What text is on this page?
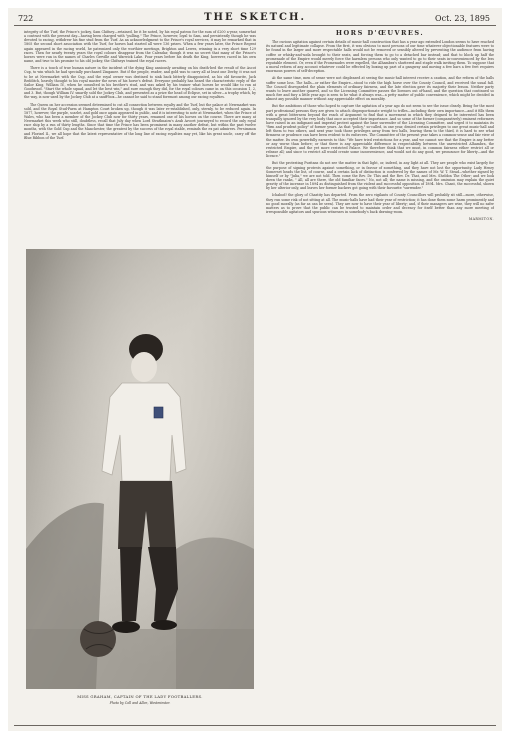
722	THE SKETCH.	Oct. 23, 1895

integrity of the Turf, the Prince's jockey, Sam Chifney—retained, be it be noted, by his royal patron for the sum of £200 a-year, somewhat a contrast with the present day—having been charged with "pulling." The Prince, however, loyal to Sam, and persistently though he was devoted to racing, withdrew his fine stud from the Turf. As an acknowledgment to the Prince's royal services, it may be remarked that in 1805 the second short association with the Turf, for horses had started all were 136 prizes. When a few years later, the Prince Regent again appeared in the racing world, he patronized only the worthier meetings, Brighton and Lewes, winning in a very short time 129 races. Then for nearly twenty years the royal colours disappear from the Calendar, though it was no secret that many of the Prince's horses were run in the names of Charles Greville and Warwick Lake. Four years before his death the King, however, raced in his own name, and true to his promise to his old jockey, the Chifneys trained the royal racers.

There is a touch of true human nature in the incident of the dying King anxiously awaiting on his death-bed the result of the Ascot Cup, to win which he had specially purchased Zinganee. But if the people, reader, and gold was to carry all at least one Derby, it was not to be at Newmarket with the Cup, and the royal owner was destined to sink back bitterly disappointed, as his old favourite, Jack Redditch, heavily thought to his royal master the news of his horse's defeat. Everyone probably has heard the characteristic reply of the Sailor King, William IV., when he consulted in his brother's stud, and was asked by his trainer what horses he would like to run at Goodwood. "Start the whole squad, and let the best win," and sure enough they did, for the royal colours came in on this occasion 1, 2, and 3. But, though William IV. smartly sold the Jockey Club, and presented as a prize the head of Eclipse, set in silver—a trophy which, by the way, is now used by the Jockey Club at a snuff-box—he cannot be said to stand foremost among our racing royalties.

The Queen on her accession seemed determined to cut all connection between royalty and the Turf, but the palace at Newmarket was sold, and the Royal Stud-Farm at Hampton Court broken up, though it was later re-established, only, sternly, to be reduced again. In 1877, however, the purple, scarlet, and gold once again appeared in public, and it is interesting to note at Newmarket, when the Prince of Wales, who has been a member of the Jockey Club now for thirty years, renamed one of his horses on the course. There are many at Newmarket this week who still, doubtless, recall that July day when Lord Strathnairn's Arab Avocet journeyed to record the only royal race ship by a run of thirty lengths. Since that time the Prince has been prominent in many another defeat, but within the past twelve months, with the Gold Cup and the Manchester, the greatest by the success of the royal stable, reminds the ex pat admirers. Persimmon and Florizel II., we all hope that the latest representative of the long line of racing royalties may yet, like his great uncle, carry off the Blue Ribbon of the Turf.

MISS GRAHAM, CAPTAIN OF THE LADY FOOTBALLERS.
Photo by Coll and Allen, Westminster.
HORS D'ŒUVRES.

The curious agitation against certain details of music-hall construction that has a year ago extended London seems to have reached its natural and legitimate collapse. From the first, it was obvious to most persons of our time whatever objectionable features were to be found in the larger and more respectable halls would not be removed or sensibly altered by preventing the audience from having coffee or whisky-and-soda brought to their seats, and forcing them to go to a detached bar instead; and that to block up half the promenade of the Empire would merely force the harmless persons who only wanted to go to their seats in-convenienced by the less reputable element. Or, even if the Promenades were expelled, the Alhambra's shuttered and staple walk inviting them. To suppose that a moral reform of any account whatever could be effected by boxing up part of a gangway and moving a few bars a few feet requires enormous powers of self-deception.

At the same time, men of sense were not displeased at seeing the music-hall interest receive a caution, and the reform of the halls suffer some loss. The halls—or rather the Empire—stood to ride the high horse over the County Council, and received the usual fall. The Council disregarded the plain elements of ordinary fairness, and the late election gave its majority their lesson. Neither party wants to leave another quarrel, and so the Licensing Committee passes the licenses out of-hand, and the question that continued so much fire and fury a little year ago is seen to be what it always was—a petty matter of public convenience, which might be decided in almost any possible manner without any appreciable effect on morality.

But the ambitions of those who hoped to capture the agitation of a year ago do not seem to see the issue clearly. Being for the most part professional persons they are given to attach disproportionate weight to trifles—including their own importance—and it fills them with a great bitterness beyond the reach of Argument to find that a movement in which they deigned to be interested has been tranquilly ignored by the very body that once accepted their importance. And so some of the former (comparatively) eminent reformers have raised in an indignant and imperial protest against the base surrender of the Licensing Committee, and urged it to maintain its "firm and prudent policy" of former years. As that "policy," so-called, in one year, denied certain privileges to one great music-hall and left them to two others, and next year took those privileges away from two halls, leaving them to the third, it is hard to see what firmness or prudence can have been evident to its enforcers. The Committee of the present year takes a common-sense and fair view of the matter. Its own powerfully earnests to this: "We have tried restrictions for a year, and we cannot see that the Empire is any better or any worse than before; or that there is any appreciable difference in respectability between the unrestricted Alhambra, the restricted Empire, and the yet more restricted Palace. We therefore think that we must, in common fairness either restrict all or release all; and since to restrict all would create some inconvenience, and would not do any good, we pronounce for liberty—and the licence."

But the protesting Puritans do not see the matter in that light, or, indeed, in any light at all. They are people who exist largely for the purpose of signing protests against something, or in favour of something, and they have not lost the opportunity. Lady Henry Somerset heads the list, of course, and a certain lack of distinction is conferred by the names of Mr. W. T. Stead—whether signed by himself or by "Julia," we are not told. Then come the Rev. Dr. This and the Rev. Dr. That, and Mrs. Sheldon The Other; and we look down the ranks, " All, all are there, the old familiar faces." No, not all; the name is missing, and the omission may explain the quiet gravity of the increase in 1894 as distinguished from the violent and successful opposition of 1894. Mrs. Chant, the successful, shown by her ulterior only, and leaves her former backers got going with their favourite "surrender."

Ichabod! the glory of Chastity has departed. From the zero vigilants of County Councillors will probably sit still—more, otherwise, they run some risk of not sitting at all. The music-halls have had their year of restriction; it has done them some harm prominently and no good morally (as far as can be seen). They are now to have their year of liberty; and, if their managers are wise, they will no safer matters as to prove that the public can be trusted to maintain order and decency for itself better than any more meeting of irresponsible agitators and spurious witnesses in somebody's back drawing-room.

MARMITON.
